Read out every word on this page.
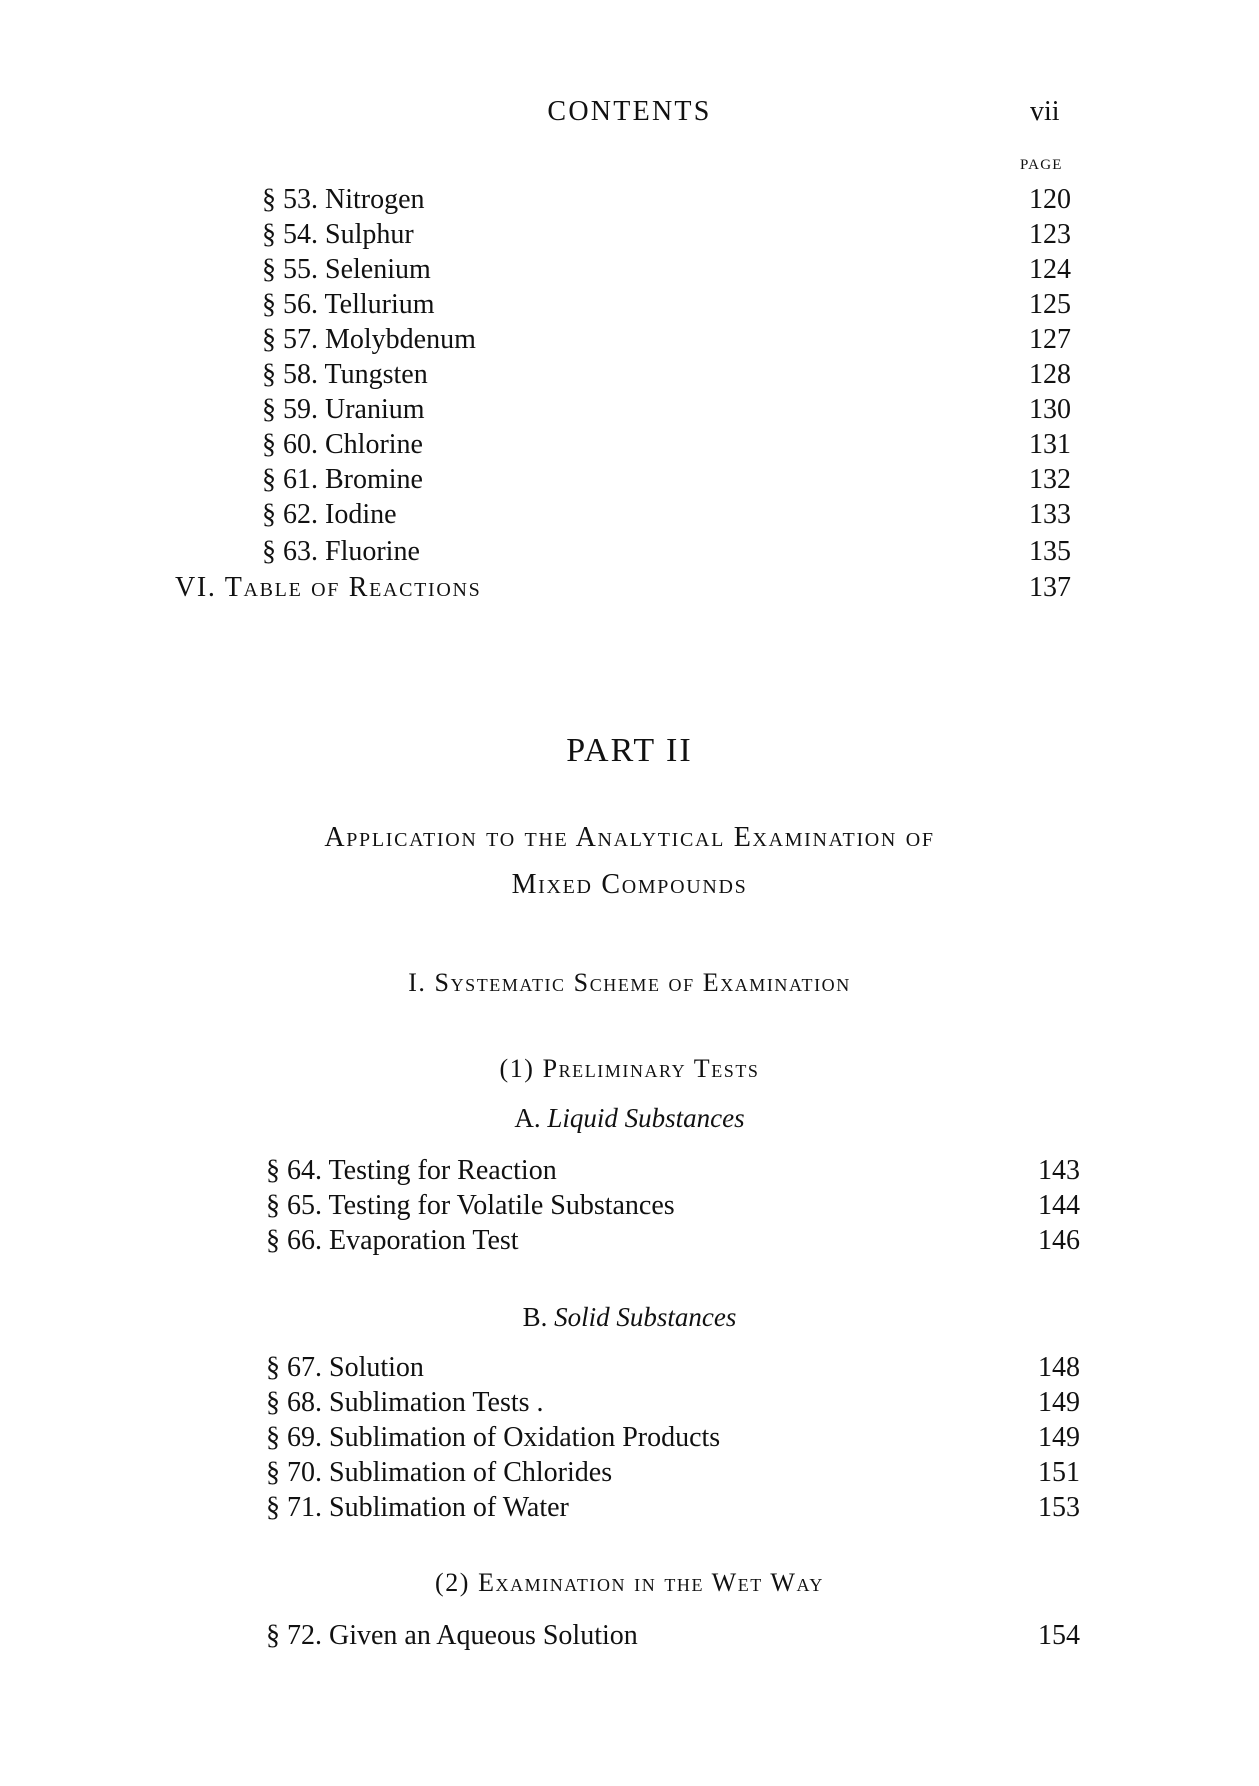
CONTENTS	vii
PAGE
§ 53. Nitrogen	120
§ 54. Sulphur	123
§ 55. Selenium	124
§ 56. Tellurium	125
§ 57. Molybdenum	127
§ 58. Tungsten	128
§ 59. Uranium	130
§ 60. Chlorine	131
§ 61. Bromine	132
§ 62. Iodine	133
§ 63. Fluorine	135
VI. Table of Reactions	137
PART II
Application to the Analytical Examination of
Mixed Compounds
I. Systematic Scheme of Examination
(1) Preliminary Tests
A. Liquid Substances
§ 64. Testing for Reaction	143
§ 65. Testing for Volatile Substances	144
§ 66. Evaporation Test	146
B. Solid Substances
§ 67. Solution	148
§ 68. Sublimation Tests .	149
§ 69. Sublimation of Oxidation Products	149
§ 70. Sublimation of Chlorides	151
§ 71. Sublimation of Water	153
(2) Examination in the Wet Way
§ 72. Given an Aqueous Solution	154
